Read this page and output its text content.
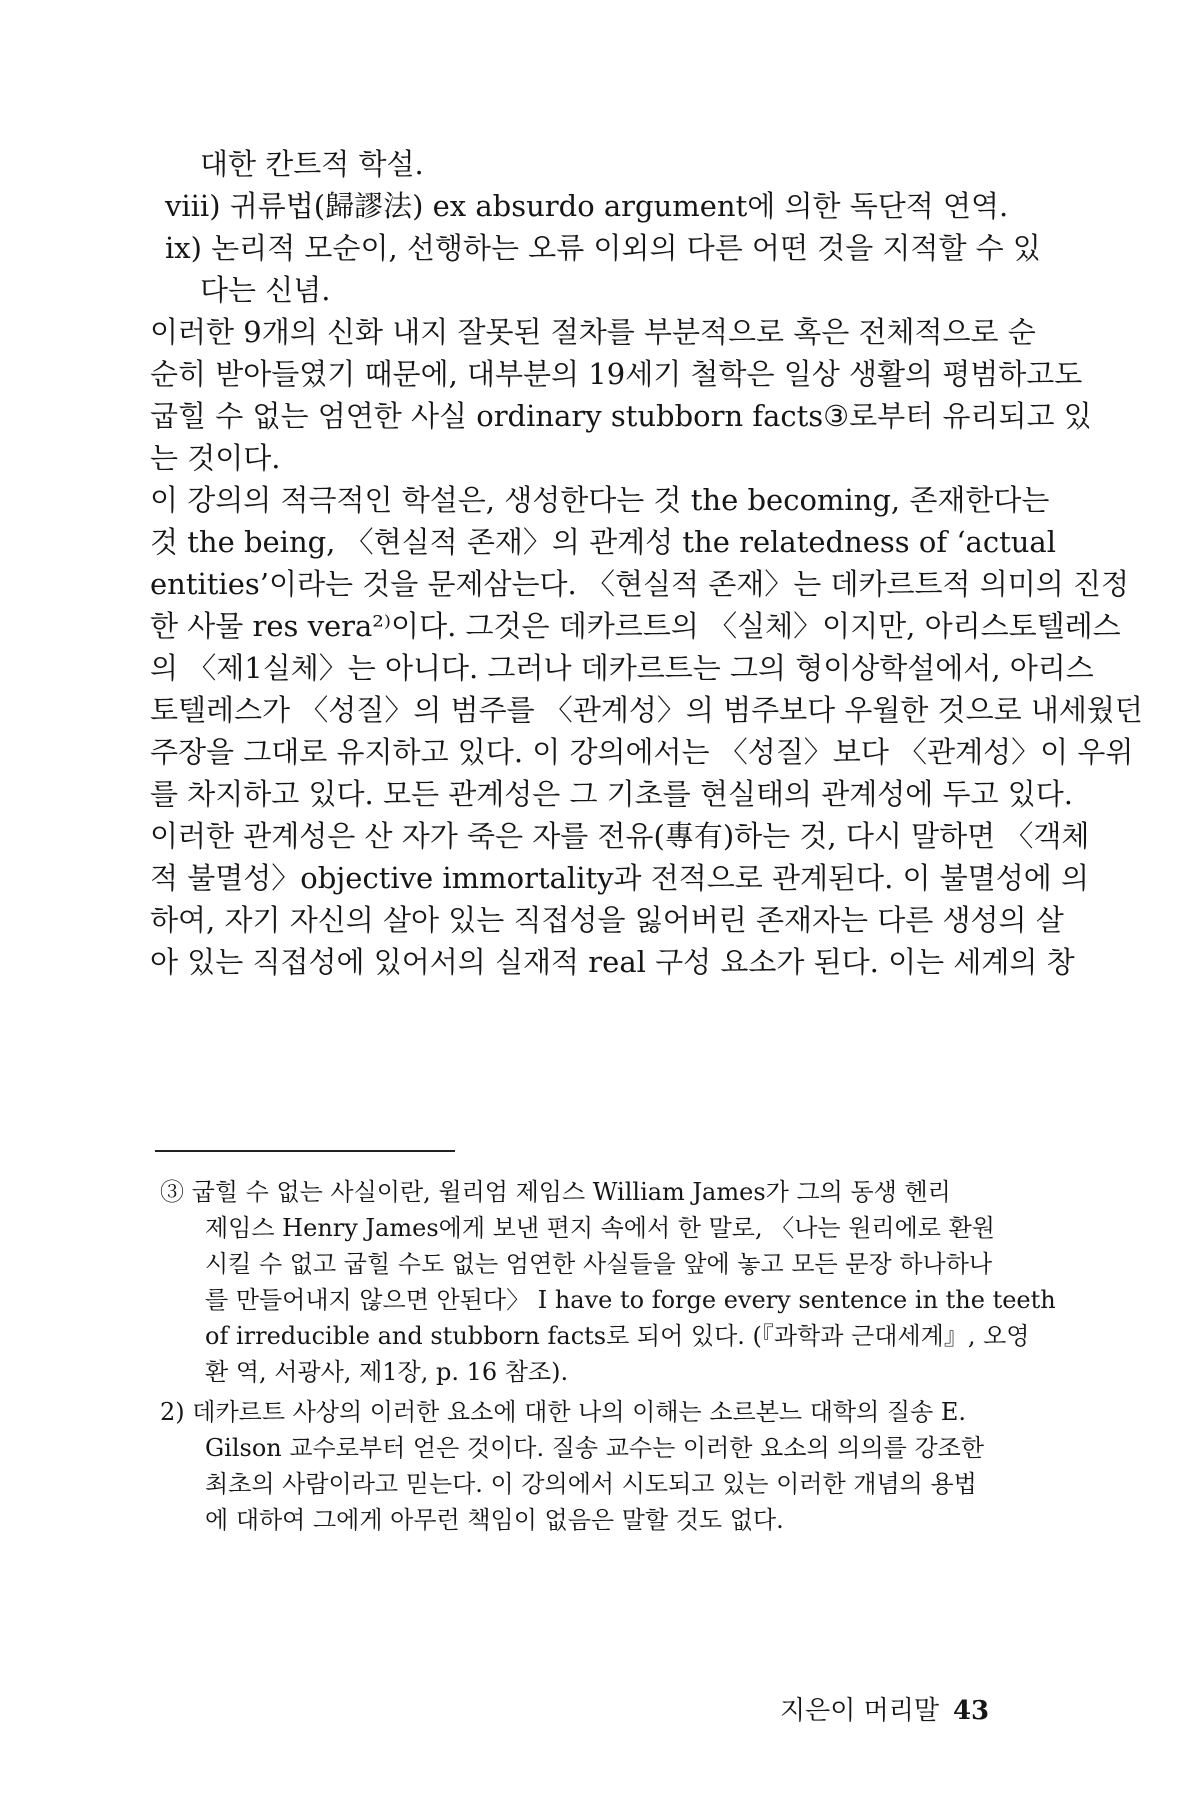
대한 칸트적 학설.
viii) 귀류법(歸謬法) ex absurdo argument에 의한 독단적 연역.
ix) 논리적 모순이, 선행하는 오류 이외의 다른 어떤 것을 지적할 수 있
다는 신념.
이러한 9개의 신화 내지 잘못된 절차를 부분적으로 혹은 전체적으로 순
순히 받아들였기 때문에, 대부분의 19세기 철학은 일상 생활의 평범하고도
굽힐 수 없는 엄연한 사실 ordinary stubborn facts③로부터 유리되고 있
는 것이다.
이 강의의 적극적인 학설은, 생성한다는 것 the becoming, 존재한다는
것 the being, 〈현실적 존재〉의 관계성 the relatedness of ‘actual
entities’이라는 것을 문제삼는다. 〈현실적 존재〉는 데카르트적 의미의 진정
한 사물 res vera²⁾이다. 그것은 데카르트의 〈실체〉이지만, 아리스토텔레스
의 〈제1실체〉는 아니다. 그러나 데카르트는 그의 형이상학설에서, 아리스
토텔레스가 〈성질〉의 범주를 〈관계성〉의 범주보다 우월한 것으로 내세웠던
주장을 그대로 유지하고 있다. 이 강의에서는 〈성질〉보다 〈관계성〉이 우위
를 차지하고 있다. 모든 관계성은 그 기초를 현실태의 관계성에 두고 있다.
이러한 관계성은 산 자가 죽은 자를 전유(專有)하는 것, 다시 말하면 〈객체
적 불멸성〉objective immortality과 전적으로 관계된다. 이 불멸성에 의
하여, 자기 자신의 살아 있는 직접성을 잃어버린 존재자는 다른 생성의 살
아 있는 직접성에 있어서의 실재적 real 구성 요소가 된다. 이는 세계의 창
③ 굽힐 수 없는 사실이란, 윌리엄 제임스 William James가 그의 동생 헨리
제임스 Henry James에게 보낸 편지 속에서 한 말로, 〈나는 원리에로 환원
시킬 수 없고 굽힐 수도 없는 엄연한 사실들을 앞에 놓고 모든 문장 하나하나
를 만들어내지 않으면 안된다〉 I have to forge every sentence in the teeth
of irreducible and stubborn facts로 되어 있다. (『과학과 근대세계』, 오영
환 역, 서광사, 제1장, p. 16 참조).
2) 데카르트 사상의 이러한 요소에 대한 나의 이해는 소르본느 대학의 질송 E.
Gilson 교수로부터 얻은 것이다. 질송 교수는 이러한 요소의 의의를 강조한
최초의 사람이라고 믿는다. 이 강의에서 시도되고 있는 이러한 개념의 용법
에 대하여 그에게 아무런 책임이 없음은 말할 것도 없다.
지은이 머리말 43
